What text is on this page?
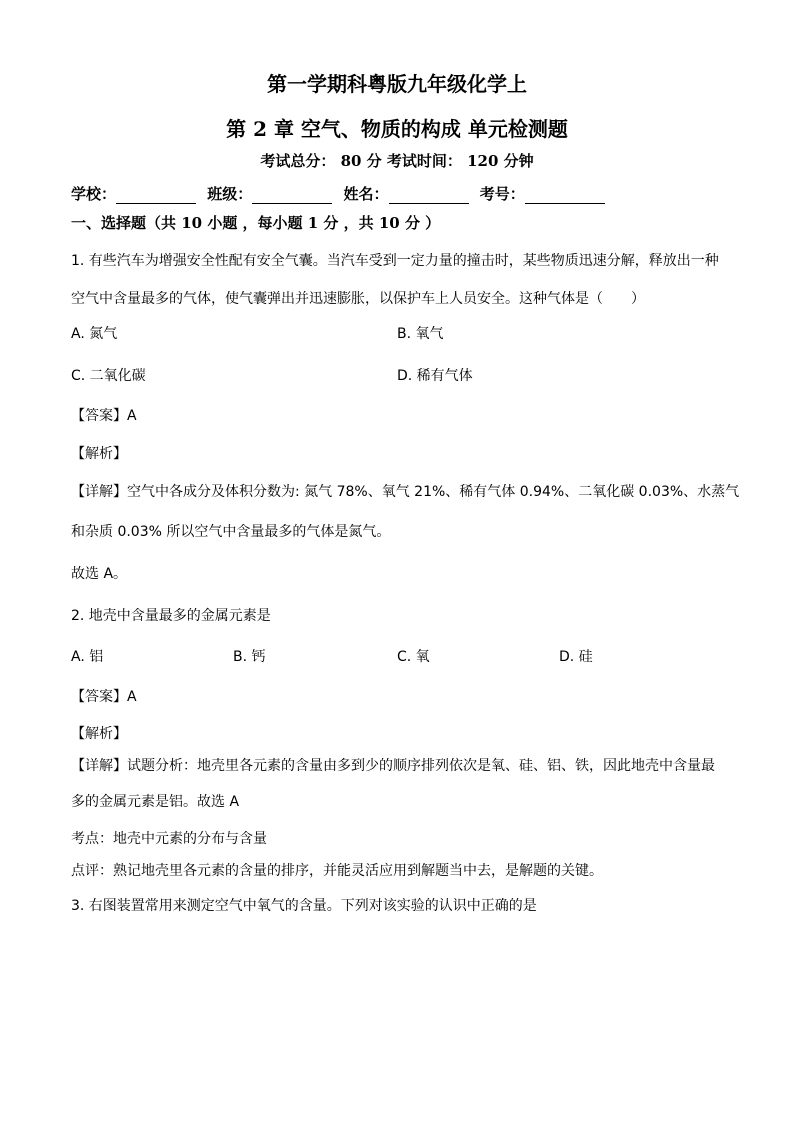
第一学期科粤版九年级化学上
第 2 章 空气、物质的构成 单元检测题
考试总分： 80 分 考试时间： 120 分钟
学校：	班级：	姓名：	考号：
一、选择题（共 10 小题 ，每小题 1 分 ，共 10 分 ）
1. 有些汽车为增强安全性配有安全气囊。当汽车受到一定力量的撞击时，某些物质迅速分解，释放出一种
空气中含量最多的气体，使气囊弹出并迅速膨胀，以保护车上人员安全。这种气体是（　　）
A. 氮气	B. 氧气
C. 二氧化碳	D. 稀有气体
【答案】A
【解析】
【详解】空气中各成分及体积分数为: 氮气 78%、氧气 21%、稀有气体 0.94%、二氧化碳 0.03%、水蒸气
和杂质 0.03% 所以空气中含量最多的气体是氮气。
故选 A。
2. 地壳中含量最多的金属元素是
A. 铝	B. 钙	C. 氧	D. 硅
【答案】A
【解析】
【详解】试题分析：地壳里各元素的含量由多到少的顺序排列依次是氧、硅、铝、铁，因此地壳中含量最
多的金属元素是铝。故选 A
考点：地壳中元素的分布与含量
点评：熟记地壳里各元素的含量的排序，并能灵活应用到解题当中去，是解题的关键。
3. 右图装置常用来测定空气中氧气的含量。下列对该实验的认识中正确的是
